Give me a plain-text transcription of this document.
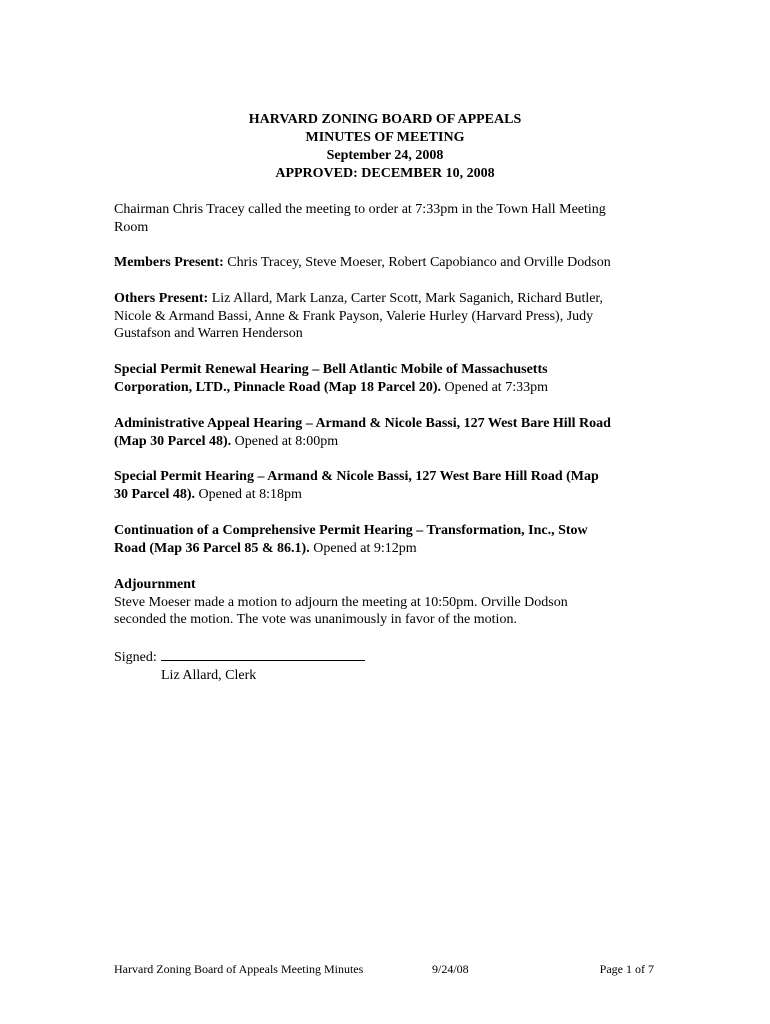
HARVARD ZONING BOARD OF APPEALS
MINUTES OF MEETING
September 24, 2008
APPROVED: DECEMBER 10, 2008

Chairman Chris Tracey called the meeting to order at 7:33pm in the Town Hall Meeting

Room

Members Present: Chris Tracey, Steve Moeser, Robert Capobianco and Orville Dodson

Others Present: Liz Allard, Mark Lanza, Carter Scott, Mark Saganich, Richard Butler,

Nicole & Armand Bassi, Anne & Frank Payson, Valerie Hurley (Harvard Press), Judy

Gustafson and Warren Henderson

Special Permit Renewal Hearing – Bell Atlantic Mobile of Massachusetts

Corporation, LTD., Pinnacle Road (Map 18 Parcel 20). Opened at 7:33pm

Administrative Appeal Hearing – Armand & Nicole Bassi, 127 West Bare Hill Road

(Map 30 Parcel 48). Opened at 8:00pm

Special Permit Hearing – Armand & Nicole Bassi, 127 West Bare Hill Road (Map

30 Parcel 48). Opened at 8:18pm

Continuation of a Comprehensive Permit Hearing – Transformation, Inc., Stow

Road (Map 36 Parcel 85 & 86.1). Opened at 9:12pm

Adjournment

Steve Moeser made a motion to adjourn the meeting at 10:50pm. Orville Dodson

seconded the motion. The vote was unanimously in favor of the motion.

Signed:

Liz Allard, Clerk

Harvard Zoning Board of Appeals Meeting Minutes	9/24/08	Page 1 of 7
